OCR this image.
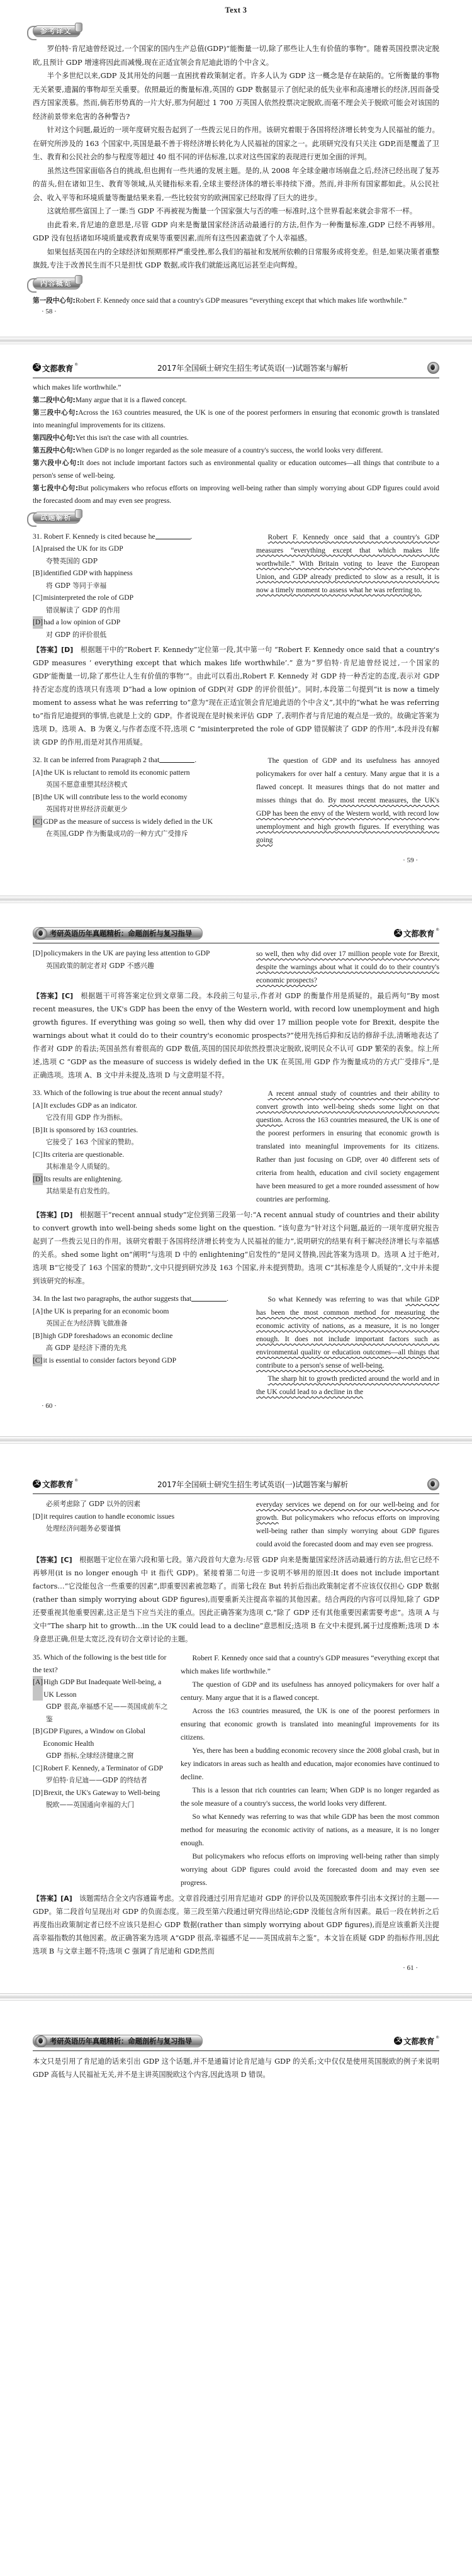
Text 3
参考译文

罗伯特·肯尼迪曾经说过,一个国家的国内生产总值(GDP)“能衡量一切,除了那些让人生有价值的事物”。随着英国投票决定脱欧,且预计 GDP 增速将因此而减慢,现在正适宜领会肯尼迪此语的个中含义。

半个多世纪以来,GDP 及其用处的问题一直困扰着政策制定者。许多人认为 GDP 这一概念是存在缺陷的。它所衡量的事物无关紧要,遗漏的事物却至关重要。依照最近的衡量标准,英国的 GDP 数据显示了创纪录的低失业率和高速增长的经济,因而备受西方国家羡慕。然而,倘若形势真的一片大好,那为何超过 1 700 万英国人依然投票决定脱欧,而毫不理会关于脱欧可能会对该国的经济前景带来危害的各种警告?

针对这个问题,最近的一项年度研究报告起到了一些拨云见日的作用。该研究着眼于各国将经济增长转变为人民福祉的能力。在研究所涉及的 163 个国家中,英国是最不善于将经济增长转化为人民福祉的国家之一。此项研究没有只关注 GDP,而是覆盖了卫生、教育和公民社会的参与程度等超过 40 组不同的评估标准,以求对这些国家的表现进行更加全面的评判。

虽然这些国家面临各自的挑战,但也拥有一些共通的发展主题。是的,从 2008 年全球金融市场崩盘之后,经济已经出现了复苏的苗头,但在诸如卫生、教育等领域,从关键指标来看,全球主要经济体的增长率持续下滑。然而,并非所有国家都如此。从公民社会、收入平等和环境质量等衡量结果来看,一些比较贫穷的欧洲国家已经取得了巨大的进步。

这就给那些富国上了一课:当 GDP 不再被视为衡量一个国家强大与否的唯一标准时,这个世界看起来就会非常不一样。

由此看来,肯尼迪的意思是,尽管 GDP 向来是衡量国家经济活动最通行的方法,但作为一种衡量标准,GDP 已经不再够用。GDP 没有包括诸如环境质量或教育成果等重要因素,而所有这些因素造就了个人幸福感。

如果包括英国在内的全球经济如预期那样严重受挫,那么我们的福祉和发展所依赖的日常服务或将变差。但是,如果决策者重整旗鼓,专注于改善民生而不只是担忧 GDP 数据,或许我们就能远离厄运甚至走向辉煌。

内容概览
第一段中心句:Robert F. Kennedy once said that a country's GDP measures “everything except that which makes life worthwhile.”
· 58 ·
文 文都教育 ®	2017年全国硕士研究生招生考试英语(一)试题答案与解析
which makes life worthwhile.”
第二段中心句:Many argue that it is a flawed concept.
第三段中心句:Across the 163 countries measured, the UK is one of the poorest performers in ensuring that economic growth is translated into meaningful improvements for its citizens.
第四段中心句:Yet this isn't the case with all countries.
第五段中心句:When GDP is no longer regarded as the sole measure of a country's success, the world looks very different.
第六段中心句:It does not include important factors such as environmental quality or education outcomes—all things that contribute to a person's sense of well-being.
第七段中心句:But policymakers who refocus efforts on improving well-being rather than simply worrying about GDP figures could avoid the forecasted doom and may even see progress.
试题解析
31. Robert F. Kennedy is cited because he	.
[A] praised the UK for its GDP
夸赞英国的 GDP
[B] identified GDP with happiness
将 GDP 等同于幸福
[C] misinterpreted the role of GDP
错误解读了 GDP 的作用
[D] had a low opinion of GDP
对 GDP 的评价很低
Robert F. Kennedy once said that a country's GDP measures “everything except that which makes life worthwhile.” With Britain voting to leave the European Union, and GDP already predicted to slow as a result, it is now a timely moment to assess what he was referring to.
【答案】[D]　根据题干中的“Robert F. Kennedy”定位第一段,其中第一句 “Robert F. Kennedy once said that a country's GDP measures ‘ everything except that which makes life worthwhile’.” 意为“罗伯特·肯尼迪曾经说过,一个国家的 GDP‘能衡量一切,除了那些让人生有价值的事物’”。由此可以看出,Robert F. Kennedy 对 GDP 持一种否定的态度,表示对 GDP 持否定态度的选项只有选项 D“had a low opinion of GDP(对 GDP 的评价很低)”。同时,本段第二句提到“it is now a timely moment to assess what he was referring to”意为“现在正适宜领会肯尼迪此语的个中含义”,其中的“what he was referring to”指肯尼迪提到的事情,也就是上文的 GDP。作者说现在是时候来评估 GDP 了,表明作者与肯尼迪的观点是一致的。故确定答案为选项 D。选项 A、B 为褒义,与作者态度不符,选项 C “misinterpreted the role of GDP 错误解读了 GDP 的作用”,本段并没有解读 GDP 的作用,而是对其作用质疑。
32. It can be inferred from Paragraph 2 that	.
[A] the UK is reluctant to remold its economic pattern
英国不愿意重塑其经济模式
[B] the UK will contribute less to the world economy
英国将对世界经济贡献更少
[C] GDP as the measure of success is widely defied in the UK
在英国,GDP 作为衡量成功的一种方式广受排斥
The question of GDP and its usefulness has annoyed policymakers for over half a century. Many argue that it is a flawed concept. It measures things that do not matter and misses things that do. By most recent measures, the UK's GDP has been the envy of the Western world, with record low unemployment and high growth figures. If everything was going
· 59 ·
考研英语历年真题精析：命题剖析与复习指导	文 文都教育 ®
[D] policymakers in the UK are paying less attention to GDP
英国政策的制定者对 GDP 不感兴趣
so well, then why did over 17 million people vote for Brexit, despite the warnings about what it could do to their country's economic prospects?
【答案】[C]　根据题干可将答案定位到文章第二段。本段前三句显示,作者对 GDP 的衡量作用是质疑的。最后两句“By most recent measures, the UK's GDP has been the envy of the Western world, with record low unemployment and high growth figures. If everything was going so well, then why did over 17 million people vote for Brexit, despite the warnings about what it could do to their country's economic prospects?”使用先扬后抑和反诘的修辞手法,清晰地表达了作者对 GDP 的看法;英国虽然有着很高的 GDP 数值,英国的国民却依然投票决定脱欧,说明民众不认可 GDP 繁荣的表象。综上所述,选项 C “GDP as the measure of success is widely defied in the UK 在英国,用 GDP 作为衡量成功的方式广受排斥”,是正确选项。选项 A、B 文中并未提及,选项 D 与文意明显不符。
33. Which of the following is true about the recent annual study?
[A] It excludes GDP as an indicator.
它没有用 GDP 作为指标。
[B] It is sponsored by 163 countries.
它接受了 163 个国家的赞助。
[C] Its criteria are questionable.
其标准是令人质疑的。
[D] Its results are enlightening.
其结果是有启发性的。
A recent annual study of countries and their ability to convert growth into well-being sheds some light on that question. Across the 163 countries measured, the UK is one of the poorest performers in ensuring that economic growth is translated into meaningful improvements for its citizens. Rather than just focusing on GDP, over 40 different sets of criteria from health, education and civil society engagement have been measured to get a more rounded assessment of how countries are performing.
【答案】[D]　根据题干“recent annual study”定位到第三段第一句:“A recent annual study of countries and their ability to convert growth into well-being sheds some light on the question. ”该句意为“针对这个问题,最近的一项年度研究报告起到了一些拨云见日的作用。该研究着眼于各国将经济增长转变为人民福祉的能力”,说明研究的结果有利于解决经济增长与幸福感的关系。shed some light on“阐明”与选项 D 中的 enlightening“启发性的”是同义替换,因此答案为选项 D。选项 A 过于绝对,选项 B“它接受了 163 个国家的赞助”,文中只提到研究涉及 163 个国家,并未提到赞助。选项 C“其标准是令人质疑的”,文中并未提到该研究的标准。
34. In the last two paragraphs, the author suggests that	.
[A] the UK is preparing for an economic boom
英国正在为经济腾飞做准备
[B] high GDP foreshadows an economic decline
高 GDP 是经济下滑的先兆
[C] it is essential to consider factors beyond GDP
So what Kennedy was referring to was that while GDP has been the most common method for measuring the economic activity of nations, as a measure, it is no longer enough. It does not include important factors such as environmental quality or education outcomes—all things that contribute to a person's sense of well-being.
The sharp hit to growth predicted around the world and in the UK could lead to a decline in the
· 60 ·
文 文都教育 ®	2017年全国硕士研究生招生考试英语(一)试题答案与解析
必须考虑除了 GDP 以外的因素
[D] it requires caution to handle economic issues
处理经济问题务必要谨慎
everyday services we depend on for our well-being and for growth. But policymakers who refocus efforts on improving well-being rather than simply worrying about GDP figures could avoid the forecasted doom and may even see progress.
【答案】[C]　根据题干定位在第六段和第七段。第六段首句大意为:尽管 GDP 向来是衡量国家经济活动最通行的方法,但它已经不再够用(it is no longer enough 中 it 指代 GDP)。紧接着第二句进一步说明不够用的原因:It does not include important factors…“它没能包含一些重要的因素”,即重要因素被忽略了。而第七段在 But 转折后指出政策制定者不应该仅仅担心 GDP 数据(rather than simply worrying about GDP figures),而要重新关注提高幸福的其他因素。结合两段的内容可以得知,除了 GDP 还要重视其他重要因素,这正是当下应当关注的重点。因此正确答案为选项 C,“除了 GDP 还有其他重要因素需要考虑”。选项 A 与文中“The sharp hit to growth…in the UK could lead to a decline”意思相反;选项 B 在文中未提到,属于过度推断;选项 D 本身意思正确,但是太宽泛,没有切合文章讨论的主题。
35. Which of the following is the best title for the text?
[A] High GDP But Inadequate Well-being, a UK Lesson
GDP 很高,幸福感不足——英国成前车之鉴
[B] GDP Figures, a Window on Global Economic Health
GDP 指标,全球经济健康之窗
[C] Robert F. Kennedy, a Terminator of GDP
罗伯特·肯尼迪——GDP 的终结者
[D] Brexit, the UK's Gateway to Well-being
脱欧——英国通向幸福的大门
Robert F. Kennedy once said that a country's GDP measures “everything except that which makes life worthwhile.”
The question of GDP and its usefulness has annoyed policymakers for over half a century. Many argue that it is a flawed concept.
Across the 163 countries measured, the UK is one of the poorest performers in ensuring that economic growth is translated into meaningful improvements for its citizens.
Yes, there has been a budding economic recovery since the 2008 global crash, but in key indicators in areas such as health and education, major economies have continued to decline.
This is a lesson that rich countries can learn; When GDP is no longer regarded as the sole measure of a country's success, the world looks very different.
So what Kennedy was referring to was that while GDP has been the most common method for measuring the economic activity of nations, as a measure, it is no longer enough.
But policymakers who refocus efforts on improving well-being rather than simply worrying about GDP figures could avoid the forecasted doom and may even see progress.
【答案】[A]　该题需结合全文内容通篇考虑。文章首段通过引用肯尼迪对 GDP 的评价以及英国脱欧事件引出本文探讨的主题——GDP。第二段首句呈现出对 GDP 的负面态度。第三段至第六段通过研究得出结论;GDP 没能包含所有因素。最后一段在转折之后再度指出政策制定者已经不应该只是担心 GDP 数据(rather than simply worrying about GDP figures),而是应该重新关注提高幸福指数的其他因素。故正确答案为选项 A“GDP 很高,幸福感不足——英国成前车之鉴”。本文旨在质疑 GDP 的指标作用,因此选项 B 与文章主题不符;选项 C 强调了肯尼迪和 GDP,然而
· 61 ·
考研英语历年真题精析：命题剖析与复习指导	文 文都教育 ®
本文只是引用了肯尼迪的话来引出 GDP 这个话题,并不是通篇讨论肯尼迪与 GDP 的关系;文中仅仅是使用英国脱欧的例子来说明 GDP 高低与人民福祉无关,并不是主讲英国脱欧这个内容,因此选项 D 错误。
